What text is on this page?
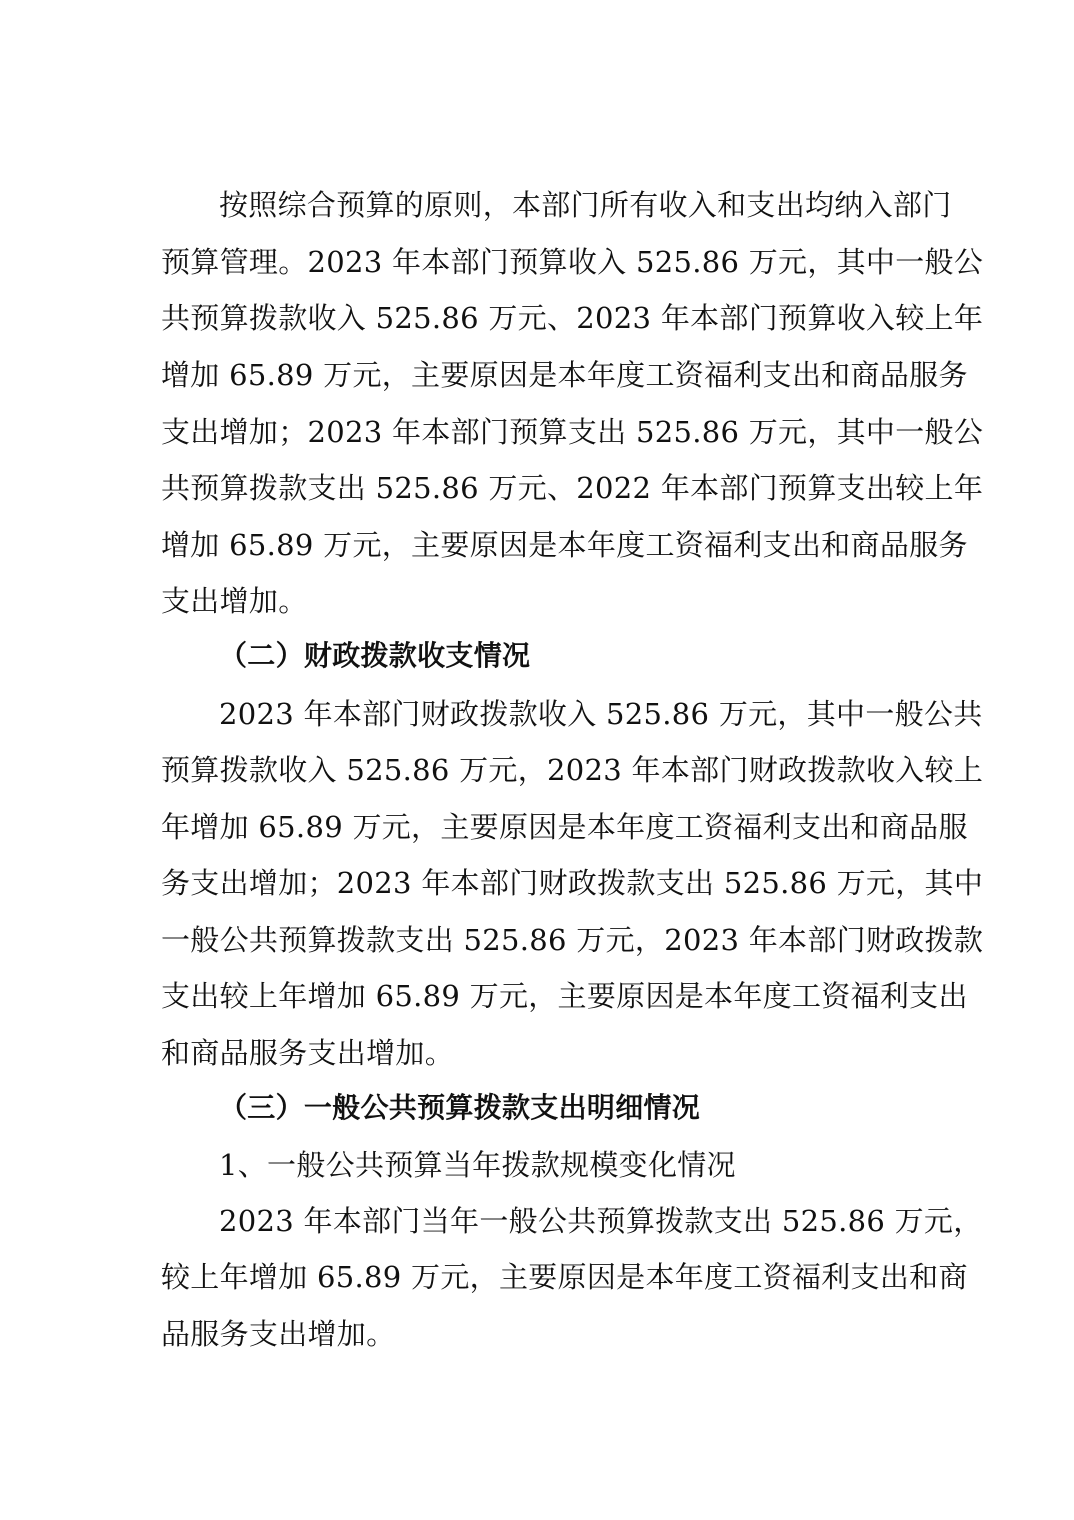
按照综合预算的原则，本部门所有收入和支出均纳入部门
预算管理。2023 年本部门预算收入 525.86 万元，其中一般公
共预算拨款收入 525.86 万元、2023 年本部门预算收入较上年
增加 65.89 万元，主要原因是本年度工资福利支出和商品服务
支出增加；2023 年本部门预算支出 525.86 万元，其中一般公
共预算拨款支出 525.86 万元、2022 年本部门预算支出较上年
增加 65.89 万元，主要原因是本年度工资福利支出和商品服务
支出增加。
（二）财政拨款收支情况
2023 年本部门财政拨款收入 525.86 万元，其中一般公共
预算拨款收入 525.86 万元，2023 年本部门财政拨款收入较上
年增加 65.89 万元，主要原因是本年度工资福利支出和商品服
务支出增加；2023 年本部门财政拨款支出 525.86 万元，其中
一般公共预算拨款支出 525.86 万元，2023 年本部门财政拨款
支出较上年增加 65.89 万元，主要原因是本年度工资福利支出
和商品服务支出增加。
（三）一般公共预算拨款支出明细情况
1、一般公共预算当年拨款规模变化情况
2023 年本部门当年一般公共预算拨款支出 525.86 万元，
较上年增加 65.89 万元，主要原因是本年度工资福利支出和商
品服务支出增加。
